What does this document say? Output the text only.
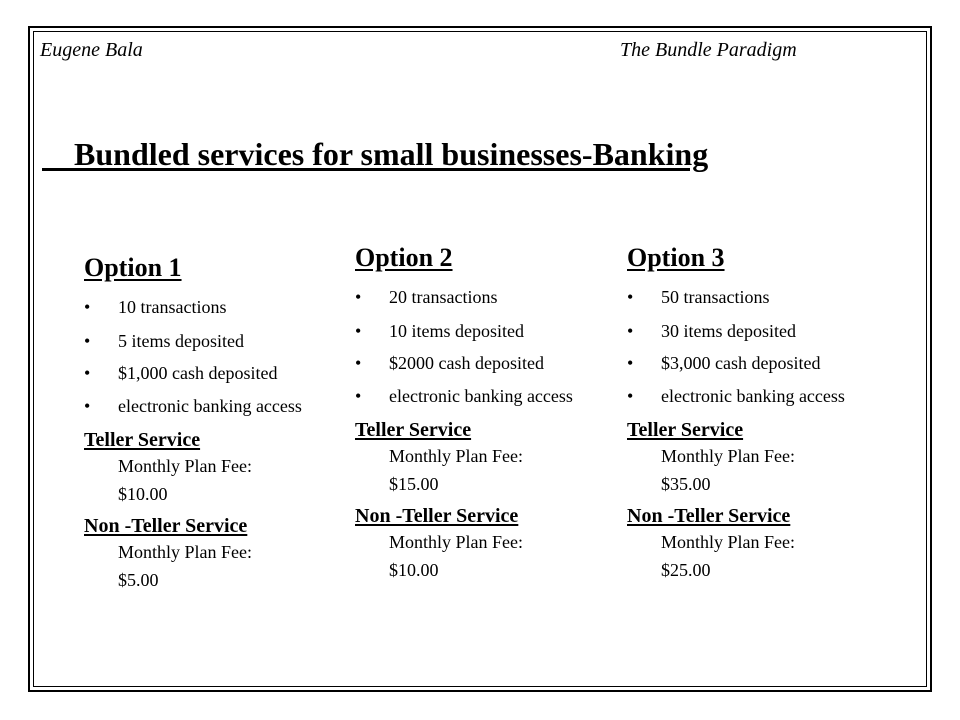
Eugene Bala	The Bundle Paradigm
Bundled services for small businesses-Banking
Option 1
• 10 transactions
• 5 items deposited
• $1,000 cash deposited
• electronic banking access
Teller Service
Monthly Plan Fee:
$10.00
Non -Teller Service
Monthly Plan Fee:
$5.00
Option 2
• 20 transactions
• 10 items deposited
• $2000 cash deposited
• electronic banking access
Teller Service
Monthly Plan Fee:
$15.00
Non -Teller Service
Monthly Plan Fee:
$10.00
Option 3
• 50 transactions
• 30 items deposited
• $3,000 cash deposited
• electronic banking access
Teller Service
Monthly Plan Fee:
$35.00
Non -Teller Service
Monthly Plan Fee:
$25.00
